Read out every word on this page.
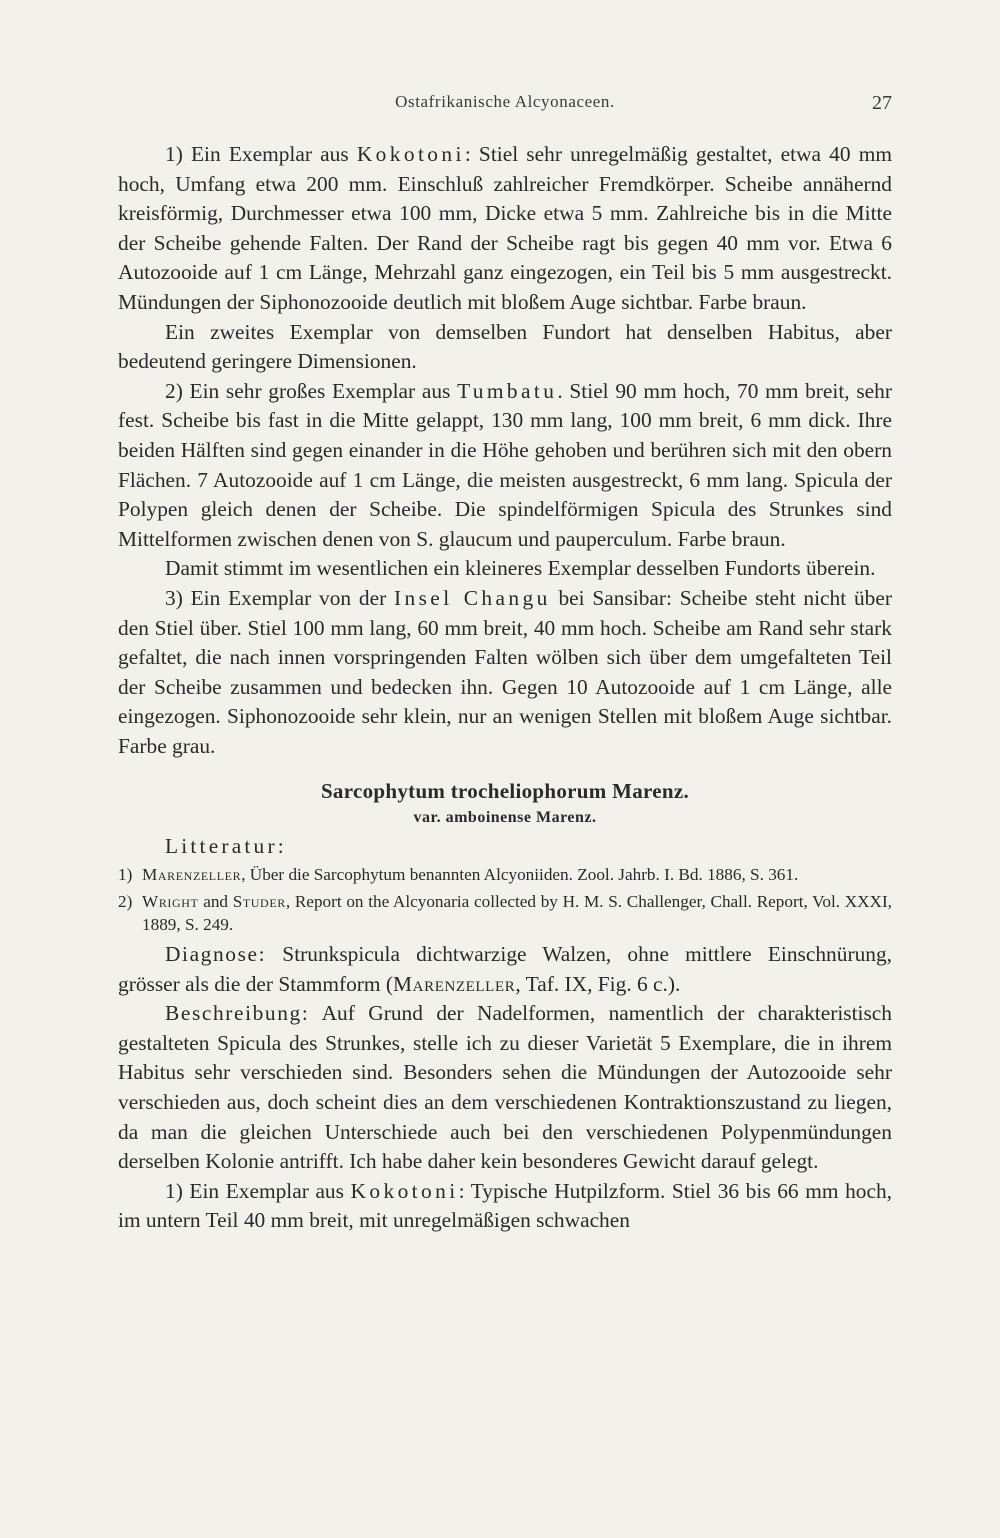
Ostafrikanische Alcyonaceen.	27

1) Ein Exemplar aus Kokotoni: Stiel sehr unregelmäßig gestaltet, etwa 40 mm hoch, Umfang etwa 200 mm. Einschluß zahlreicher Fremdkörper. Scheibe annähernd kreisförmig, Durchmesser etwa 100 mm, Dicke etwa 5 mm. Zahlreiche bis in die Mitte der Scheibe gehende Falten. Der Rand der Scheibe ragt bis gegen 40 mm vor. Etwa 6 Autozooide auf 1 cm Länge, Mehrzahl ganz eingezogen, ein Teil bis 5 mm ausgestreckt. Mündungen der Siphonozooide deutlich mit bloßem Auge sichtbar. Farbe braun.

Ein zweites Exemplar von demselben Fundort hat denselben Habitus, aber bedeutend geringere Dimensionen.

2) Ein sehr großes Exemplar aus Tumbatu. Stiel 90 mm hoch, 70 mm breit, sehr fest. Scheibe bis fast in die Mitte gelappt, 130 mm lang, 100 mm breit, 6 mm dick. Ihre beiden Hälften sind gegen einander in die Höhe gehoben und berühren sich mit den obern Flächen. 7 Autozooide auf 1 cm Länge, die meisten ausgestreckt, 6 mm lang. Spicula der Polypen gleich denen der Scheibe. Die spindelförmigen Spicula des Strunkes sind Mittelformen zwischen denen von S. glaucum und pauperculum. Farbe braun.

Damit stimmt im wesentlichen ein kleineres Exemplar desselben Fundorts überein.

3) Ein Exemplar von der Insel Changu bei Sansibar: Scheibe steht nicht über den Stiel über. Stiel 100 mm lang, 60 mm breit, 40 mm hoch. Scheibe am Rand sehr stark gefaltet, die nach innen vorspringenden Falten wölben sich über dem umgefalteten Teil der Scheibe zusammen und bedecken ihn. Gegen 10 Autozooide auf 1 cm Länge, alle eingezogen. Siphonozooide sehr klein, nur an wenigen Stellen mit bloßem Auge sichtbar. Farbe grau.

Sarcophytum trocheliophorum Marenz.
var. amboinense Marenz.
Litteratur:
1) Marenzeller, Über die Sarcophytum benannten Alcyoniiden. Zool. Jahrb. I. Bd. 1886, S. 361.
2) Wright and Studer, Report on the Alcyonaria collected by H. M. S. Challenger, Chall. Report, Vol. XXXI, 1889, S. 249.

Diagnose: Strunkspicula dichtwarzige Walzen, ohne mittlere Einschnürung, grösser als die der Stammform (Marenzeller, Taf. IX, Fig. 6 c.).

Beschreibung: Auf Grund der Nadelformen, namentlich der charakteristisch gestalteten Spicula des Strunkes, stelle ich zu dieser Varietät 5 Exemplare, die in ihrem Habitus sehr verschieden sind. Besonders sehen die Mündungen der Autozooide sehr verschieden aus, doch scheint dies an dem verschiedenen Kontraktionszustand zu liegen, da man die gleichen Unterschiede auch bei den verschiedenen Polypenmündungen derselben Kolonie antrifft. Ich habe daher kein besonderes Gewicht darauf gelegt.

1) Ein Exemplar aus Kokotoni: Typische Hutpilzform. Stiel 36 bis 66 mm hoch, im untern Teil 40 mm breit, mit unregelmäßigen schwachen
